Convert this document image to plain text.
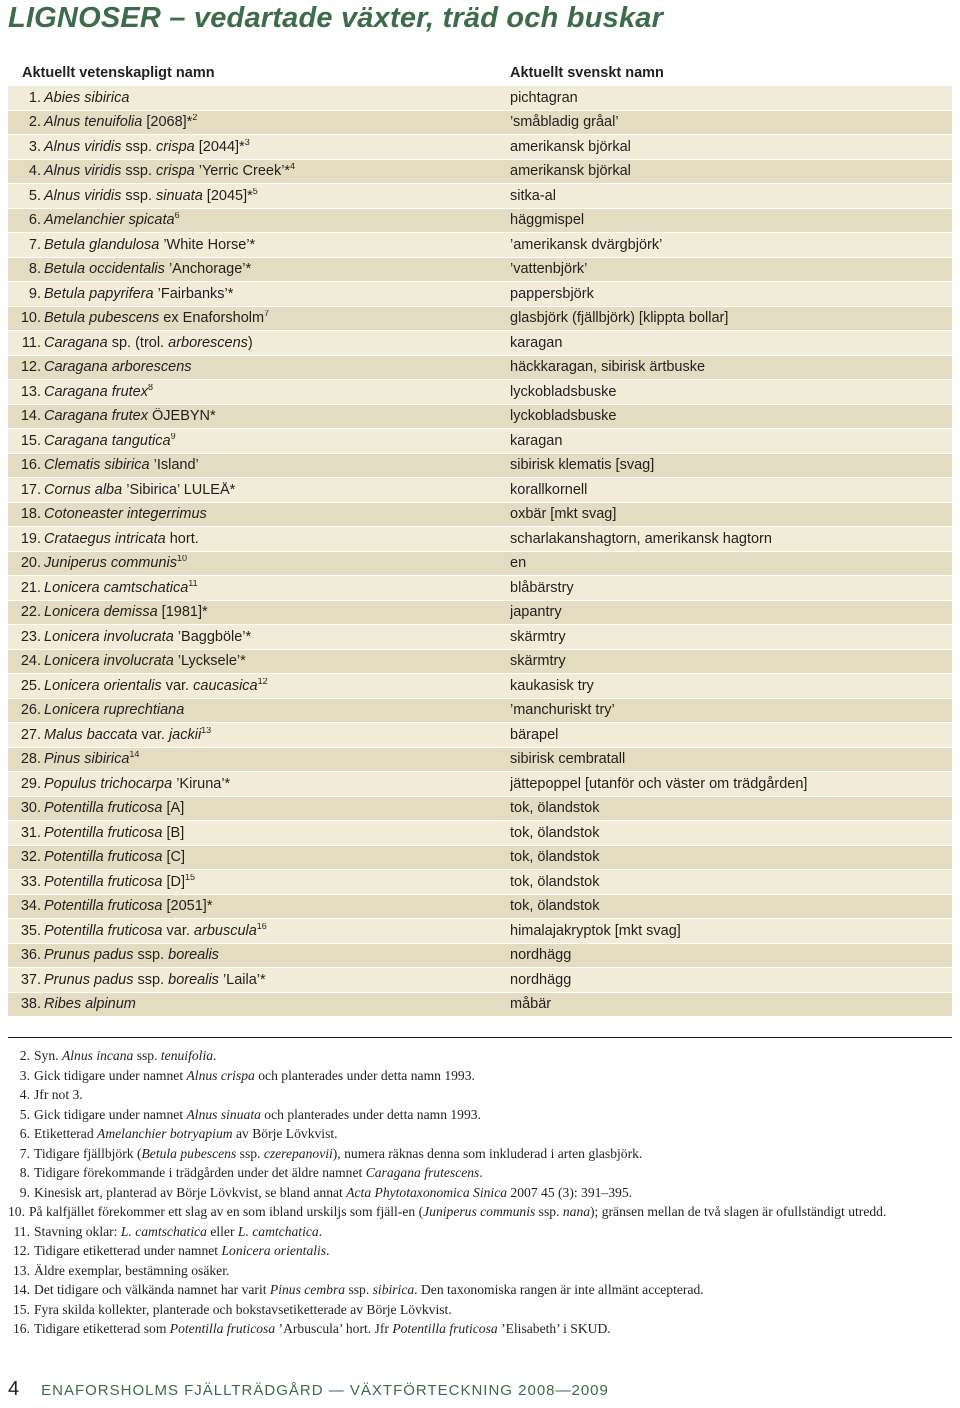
LIGNOSER – vedartade växter, träd och buskar
Aktuellt vetenskapligt namn	Aktuellt svenskt namn
1. Abies sibirica	pichtagran
2. Alnus tenuifolia [2068]*$^2$	’småbladig gråal’
3. Alnus viridis ssp. crispa [2044]*$^3$	amerikansk björkal
4. Alnus viridis ssp. crispa ’Yerric Creek’*$^4$	amerikansk björkal
5. Alnus viridis ssp. sinuata [2045]*$^5$	sitka-al
6. Amelanchier spicata$^6$	häggmispel
7. Betula glandulosa ’White Horse’*	’amerikansk dvärgbjörk’
8. Betula occidentalis ’Anchorage’*	’vattenbjörk’
9. Betula papyrifera ’Fairbanks’*	pappersbjörk
10. Betula pubescens ex Enaforsholm$^7$	glasbjörk (fjällbjörk) [klippta bollar]
11. Caragana sp. (trol. arborescens)	karagan
12. Caragana arborescens	häckkaragan, sibirisk ärtbuske
13. Caragana frutex$^8$	lyckobladsbuske
14. Caragana frutex ÖJEBYN*	lyckobladsbuske
15. Caragana tangutica$^9$	karagan
16. Clematis sibirica ’Island’	sibirisk klematis [svag]
17. Cornus alba ’Sibirica’ LULEÅ*	korallkornell
18. Cotoneaster integerrimus	oxbär [mkt svag]
19. Crataegus intricata hort.	scharlakanshagtorn, amerikansk hagtorn
20. Juniperus communis$^{10}$	en
21. Lonicera camtschatica$^{11}$	blåbärstry
22. Lonicera demissa [1981]*	japantry
23. Lonicera involucrata ’Baggböle’*	skärmtry
24. Lonicera involucrata ’Lycksele’*	skärmtry
25. Lonicera orientalis var. caucasica$^{12}$	kaukasisk try
26. Lonicera ruprechtiana	’manchuriskt try’
27. Malus baccata var. jackii$^{13}$	bärapel
28. Pinus sibirica$^{14}$	sibirisk cembratall
29. Populus trichocarpa ’Kiruna’*	jättepoppel [utanför och väster om trädgården]
30. Potentilla fruticosa [A]	tok, ölandstok
31. Potentilla fruticosa [B]	tok, ölandstok
32. Potentilla fruticosa [C]	tok, ölandstok
33. Potentilla fruticosa $[D]^{15}$	tok, ölandstok
34. Potentilla fruticosa [2051]*	tok, ölandstok
35. Potentilla fruticosa var. arbuscula$^{16}$	himalajakryptok [mkt svag]
36. Prunus padus ssp. borealis	nordhägg
37. Prunus padus ssp. borealis ’Laila’*	nordhägg
38. Ribes alpinum	måbär
2. Syn. Alnus incana ssp. tenuifolia.
3. Gick tidigare under namnet Alnus crispa och planterades under detta namn 1993.
4. Jfr not 3.
5. Gick tidigare under namnet Alnus sinuata och planterades under detta namn 1993.
6. Etiketterad Amelanchier botryapium av Börje Lövkvist.
7. Tidigare fjällbjörk (Betula pubescens ssp. czerepanovii), numera räknas denna som inkluderad i arten glasbjörk.
8. Tidigare förekommande i trädgården under det äldre namnet Caragana frutescens.
9. Kinesisk art, planterad av Börje Lövkvist, se bland annat Acta Phytotaxonomica Sinica 2007 45 (3): 391–395.
10. På kalfjället förekommer ett slag av en som ibland urskiljs som fjäll-en (Juniperus communis ssp. nana); gränsen mellan de två slagen är ofullständigt utredd.
11. Stavning oklar: L. camtschatica eller L. camtchatica.
12. Tidigare etiketterad under namnet Lonicera orientalis.
13. Äldre exemplar, bestämning osäker.
14. Det tidigare och välkända namnet har varit Pinus cembra ssp. sibirica. Den taxonomiska rangen är inte allmänt accepterad.
15. Fyra skilda kollekter, planterade och bokstavsetiketterade av Börje Lövkvist.
16. Tidigare etiketterad som Potentilla fruticosa ’Arbuscula’ hort. Jfr Potentilla fruticosa ’Elisabeth’ i SKUD.
4 ENAFORSHOLMS FJÄLLTRÄDGÅRD — VÄXTFÖRTECKNING 2008—2009
